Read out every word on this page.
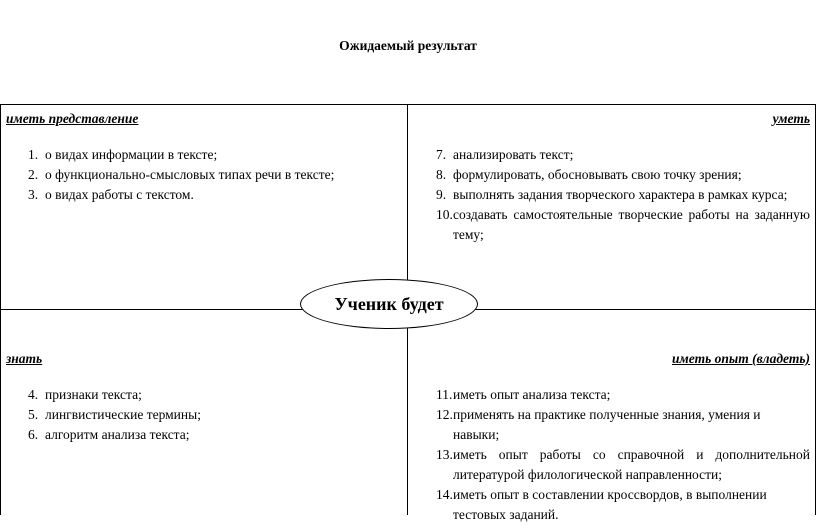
Ожидаемый результат
иметь представление
1. о видах информации в тексте;
2. о функционально-смысловых типах речи в тексте;
3. о видах работы с текстом.
уметь
7. анализировать текст;
8. формулировать, обосновывать свою точку зрения;
9. выполнять задания творческого характера в рамках курса;
10. создавать самостоятельные творческие работы на заданную тему;
знать
4. признаки текста;
5. лингвистические термины;
6. алгоритм анализа текста;
иметь опыт (владеть)
11. иметь опыт анализа текста;
12. применять на практике полученные знания, умения и навыки;
13. иметь опыт работы со справочной и дополнительной литературой филологической направленности;
14. иметь опыт в составлении кроссвордов, в выполнении тестовых заданий.
Ученик будет
